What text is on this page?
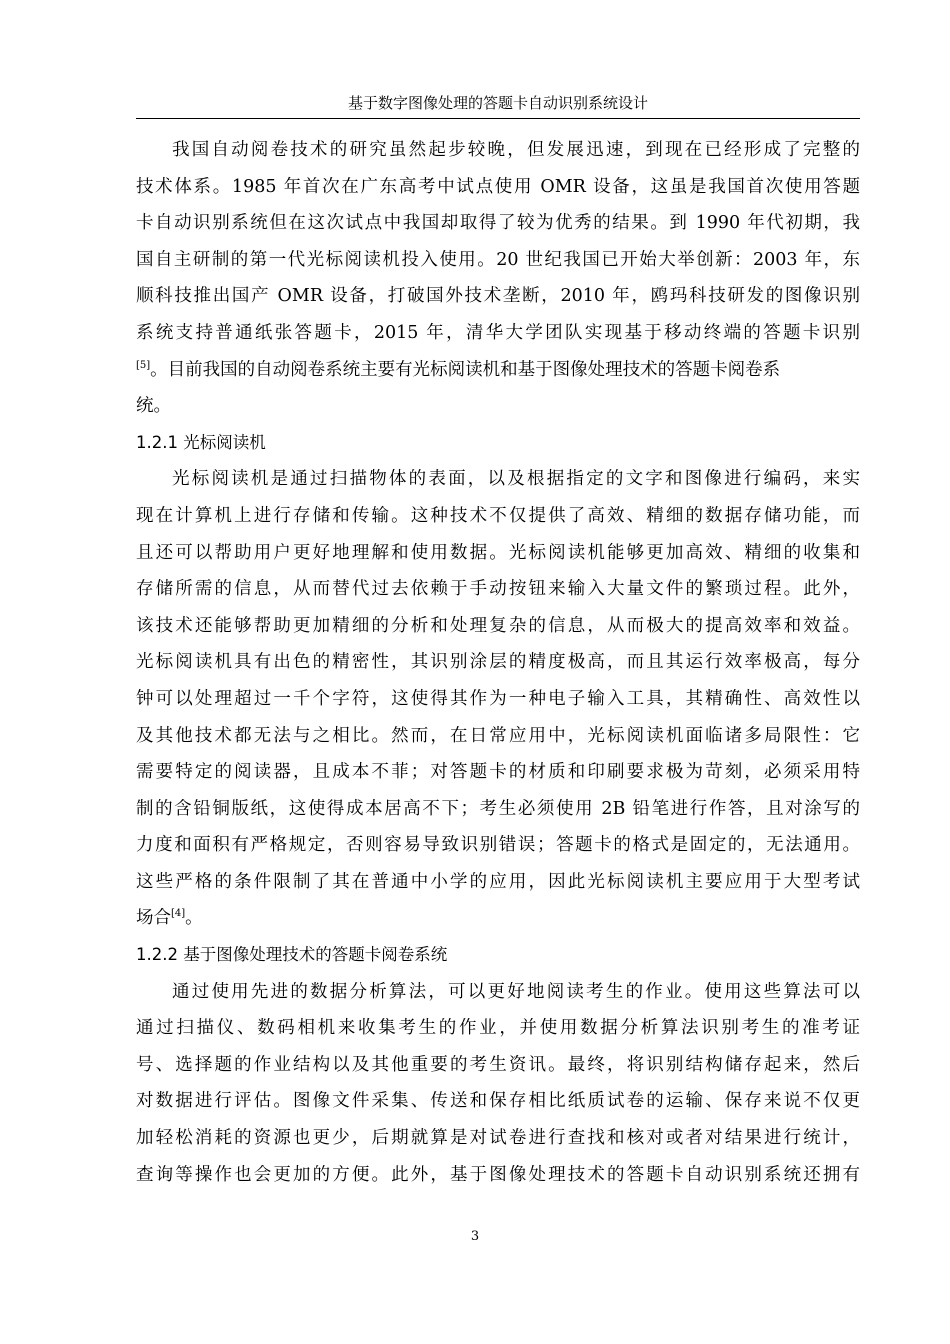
基于数字图像处理的答题卡自动识别系统设计
我国自动阅卷技术的研究虽然起步较晚，但发展迅速，到现在已经形成了完整的
技术体系。1985 年首次在广东高考中试点使用 OMR 设备，这虽是我国首次使用答题
卡自动识别系统但在这次试点中我国却取得了较为优秀的结果。到 1990 年代初期，我
国自主研制的第一代光标阅读机投入使用。20 世纪我国已开始大举创新：2003 年，东
顺科技推出国产 OMR 设备，打破国外技术垄断，2010 年，鸥玛科技研发的图像识别
系统支持普通纸张答题卡，2015 年，清华大学团队实现基于移动终端的答题卡识别
[5]。目前我国的自动阅卷系统主要有光标阅读机和基于图像处理技术的答题卡阅卷系
统。
1.2.1 光标阅读机
光标阅读机是通过扫描物体的表面，以及根据指定的文字和图像进行编码，来实
现在计算机上进行存储和传输。这种技术不仅提供了高效、精细的数据存储功能，而
且还可以帮助用户更好地理解和使用数据。光标阅读机能够更加高效、精细的收集和
存储所需的信息，从而替代过去依赖于手动按钮来输入大量文件的繁琐过程。此外，
该技术还能够帮助更加精细的分析和处理复杂的信息，从而极大的提高效率和效益。
光标阅读机具有出色的精密性，其识别涂层的精度极高，而且其运行效率极高，每分
钟可以处理超过一千个字符，这使得其作为一种电子输入工具，其精确性、高效性以
及其他技术都无法与之相比。然而，在日常应用中，光标阅读机面临诸多局限性：它
需要特定的阅读器，且成本不菲；对答题卡的材质和印刷要求极为苛刻，必须采用特
制的含铅铜版纸，这使得成本居高不下；考生必须使用 2B 铅笔进行作答，且对涂写的
力度和面积有严格规定，否则容易导致识别错误；答题卡的格式是固定的，无法通用。
这些严格的条件限制了其在普通中小学的应用，因此光标阅读机主要应用于大型考试
场合[4]。
1.2.2 基于图像处理技术的答题卡阅卷系统
通过使用先进的数据分析算法，可以更好地阅读考生的作业。使用这些算法可以
通过扫描仪、数码相机来收集考生的作业，并使用数据分析算法识别考生的准考证
号、选择题的作业结构以及其他重要的考生资讯。最终，将识别结构储存起来，然后
对数据进行评估。图像文件采集、传送和保存相比纸质试卷的运输、保存来说不仅更
加轻松消耗的资源也更少，后期就算是对试卷进行查找和核对或者对结果进行统计，
查询等操作也会更加的方便。此外，基于图像处理技术的答题卡自动识别系统还拥有
3
